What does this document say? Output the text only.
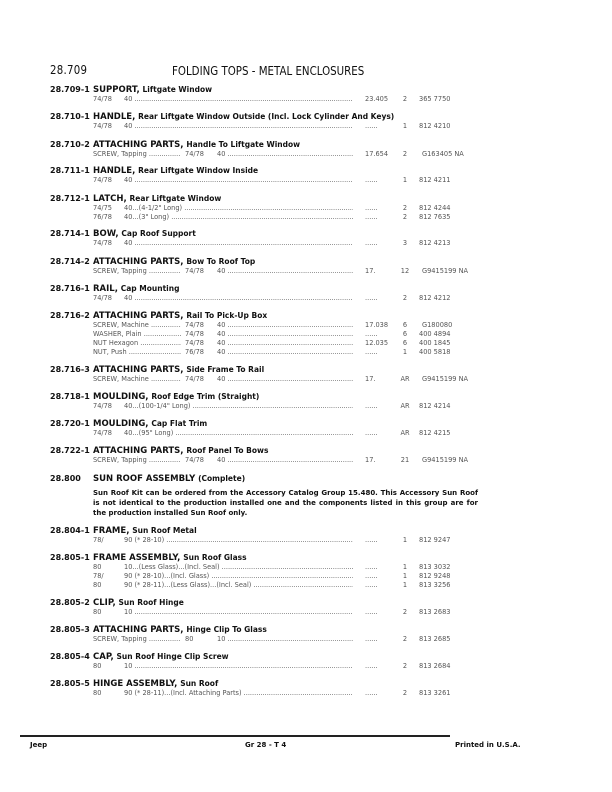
28.709	FOLDING TOPS - METAL ENCLOSURES
28.709-1 SUPPORT, Liftgate Window
74/78 40 .....	23.405	2	365 7750
28.710-1 HANDLE, Rear Liftgate Window Outside (Incl. Lock Cylinder And Keys)
74/78 40 .....	......	1	812 4210
28.710-2 ATTACHING PARTS, Handle To Liftgate Window
SCREW, Tapping .....	74/78 40 .....	17.654	2	G163405 NA
28.711-1 HANDLE, Rear Liftgate Window Inside
74/78 40 .....	......	1	812 4211
28.712-1 LATCH, Rear Liftgate Window
74/75 40...(4-1/2" Long) .....	......	2	812 4244
76/78 40...(3" Long) .....	......	2	812 7635
28.714-1 BOW, Cap Roof Support
74/78 40 .....	......	3	812 4213
28.714-2 ATTACHING PARTS, Bow To Roof Top
SCREW, Tapping .....	74/78 40 .....	17.	12	G9415199 NA
28.716-1 RAIL, Cap Mounting
74/78 40 .....	......	2	812 4212
28.716-2 ATTACHING PARTS, Rail To Pick-Up Box
SCREW, Machine .....	74/78 40 .....	17.038	6	G180080
WASHER, Plain .....	74/78 40 .....	......	6	400 4894
NUT Hexagon .....	74/78 40 .....	12.035	6	400 1845
NUT, Push .....	76/78 40 .....	......	1	400 5818
28.716-3 ATTACHING PARTS, Side Frame To Rail
SCREW, Machine .....	74/78 40 .....	17.	AR	G9415199 NA
28.718-1 MOULDING, Roof Edge Trim (Straight)
74/78 40...(100-1/4" Long) .....	......	AR	812 4214
28.720-1 MOULDING, Cap Flat Trim
74/78 40...(95" Long) .....	......	AR	812 4215
28.722-1 ATTACHING PARTS, Roof Panel To Bows
SCREW, Tapping .....	74/78 40 .....	17.	21	G9415199 NA
28.800 SUN ROOF ASSEMBLY (Complete)
28.804-1 FRAME, Sun Roof Metal
78/	90 (* 28-10) .....	......	1	812 9247
28.805-1 FRAME ASSEMBLY, Sun Roof Glass
80	10...(Less Glass)...(Incl. Seal) .....	......	1	813 3032
78/	90 (* 28-10)...(Incl. Glass) .....	......	1	812 9248
80	90 (* 28-11)...(Less Glass)...(Incl. Seal) .....	......	1	813 3256
28.805-2 CLIP, Sun Roof Hinge
80	10 .....	......	2	813 2683
28.805-3 ATTACHING PARTS, Hinge Clip To Glass
SCREW, Tapping .....	80	10 .....	......	2	813 2685
28.805-4 CAP, Sun Roof Hinge Clip Screw
80	10 .....	......	2	813 2684
28.805-5 HINGE ASSEMBLY, Sun Roof
80	90 (* 28-11)...(Incl. Attaching Parts) .....	......	2	813 3261
Sun Roof Kit can be ordered from the Accessory Catalog Group 15.480. This Accessory Sun Roof is not identical to the production installed one and the components listed in this group are for the production installed Sun Roof only.
Jeep	Gr 28 - T 4	Printed in U.S.A.
